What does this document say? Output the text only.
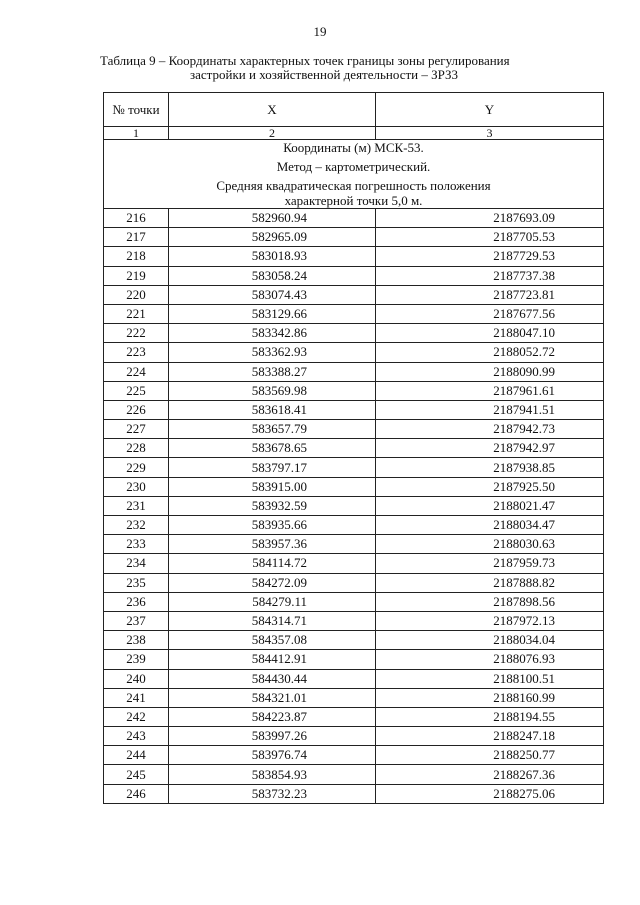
19
Таблица 9 – Координаты характерных точек границы зоны регулирования
застройки и хозяйственной деятельности – ЗРЗ3
№ точки	X	Y
1	2	3

Координаты (м) МСК-53.
Метод – картометрический.
Средняя квадратическая погрешность положения
характерной точки 5,0 м.		

216	582960.94	2187693.09
217	582965.09	2187705.53
218	583018.93	2187729.53
219	583058.24	2187737.38
220	583074.43	2187723.81
221	583129.66	2187677.56
222	583342.86	2188047.10
223	583362.93	2188052.72
224	583388.27	2188090.99
225	583569.98	2187961.61
226	583618.41	2187941.51
227	583657.79	2187942.73
228	583678.65	2187942.97
229	583797.17	2187938.85
230	583915.00	2187925.50
231	583932.59	2188021.47
232	583935.66	2188034.47
233	583957.36	2188030.63
234	584114.72	2187959.73
235	584272.09	2187888.82
236	584279.11	2187898.56
237	584314.71	2187972.13
238	584357.08	2188034.04
239	584412.91	2188076.93
240	584430.44	2188100.51
241	584321.01	2188160.99
242	584223.87	2188194.55
243	583997.26	2188247.18
244	583976.74	2188250.77
245	583854.93	2188267.36
246	583732.23	2188275.06
